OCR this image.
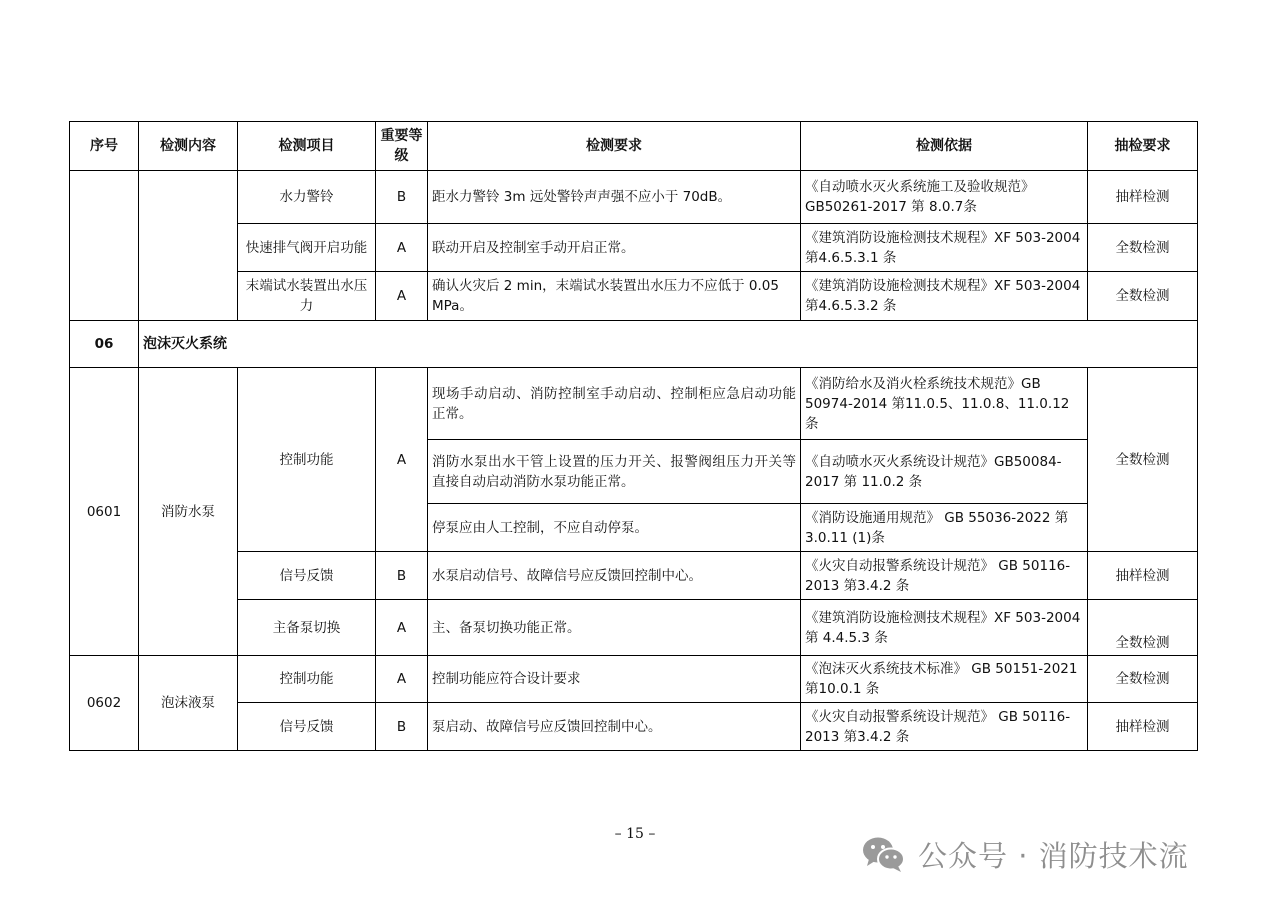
序号	检测内容	检测项目	重要等级	检测要求	检测依据	抽检要求
		水力警铃	B	距水力警铃 3m 远处警铃声声强不应小于 70dB。	《自动喷水灭火系统施工及验收规范》 GB50261-2017 第 8.0.7条	抽样检测
		快速排气阀开启功能	A	联动开启及控制室手动开启正常。	《建筑消防设施检测技术规程》XF 503-2004 第4.6.5.3.1 条	全数检测
		末端试水装置出水压力	A	确认火灾后 2 min，末端试水装置出水压力不应低于 0.05 MPa。	《建筑消防设施检测技术规程》XF 503-2004 第4.6.5.3.2 条	全数检测
06	泡沫灭火系统					
0601	消防水泵	控制功能	A	现场手动启动、消防控制室手动启动、控制柜应急启动功能正常。	《消防给水及消火栓系统技术规范》GB 50974-2014 第11.0.5、11.0.8、11.0.12 条	全数检测
				消防水泵出水干管上设置的压力开关、报警阀组压力开关等直接自动启动消防水泵功能正常。	《自动喷水灭火系统设计规范》GB50084-2017 第 11.0.2 条	
				停泵应由人工控制，不应自动停泵。	《消防设施通用规范》 GB 55036-2022 第3.0.11 (1)条	
		信号反馈	B	水泵启动信号、故障信号应反馈回控制中心。	《火灾自动报警系统设计规范》 GB 50116-2013 第3.4.2 条	抽样检测
		主备泵切换	A	主、备泵切换功能正常。	《建筑消防设施检测技术规程》XF 503-2004 第 4.4.5.3 条	全数检测
0602	泡沫液泵	控制功能	A	控制功能应符合设计要求	《泡沫灭火系统技术标准》 GB 50151-2021 第10.0.1 条	全数检测
		信号反馈	B	泵启动、故障信号应反馈回控制中心。	《火灾自动报警系统设计规范》 GB 50116-2013 第3.4.2 条	抽样检测
– 15 –
公众号 · 消防技术流
